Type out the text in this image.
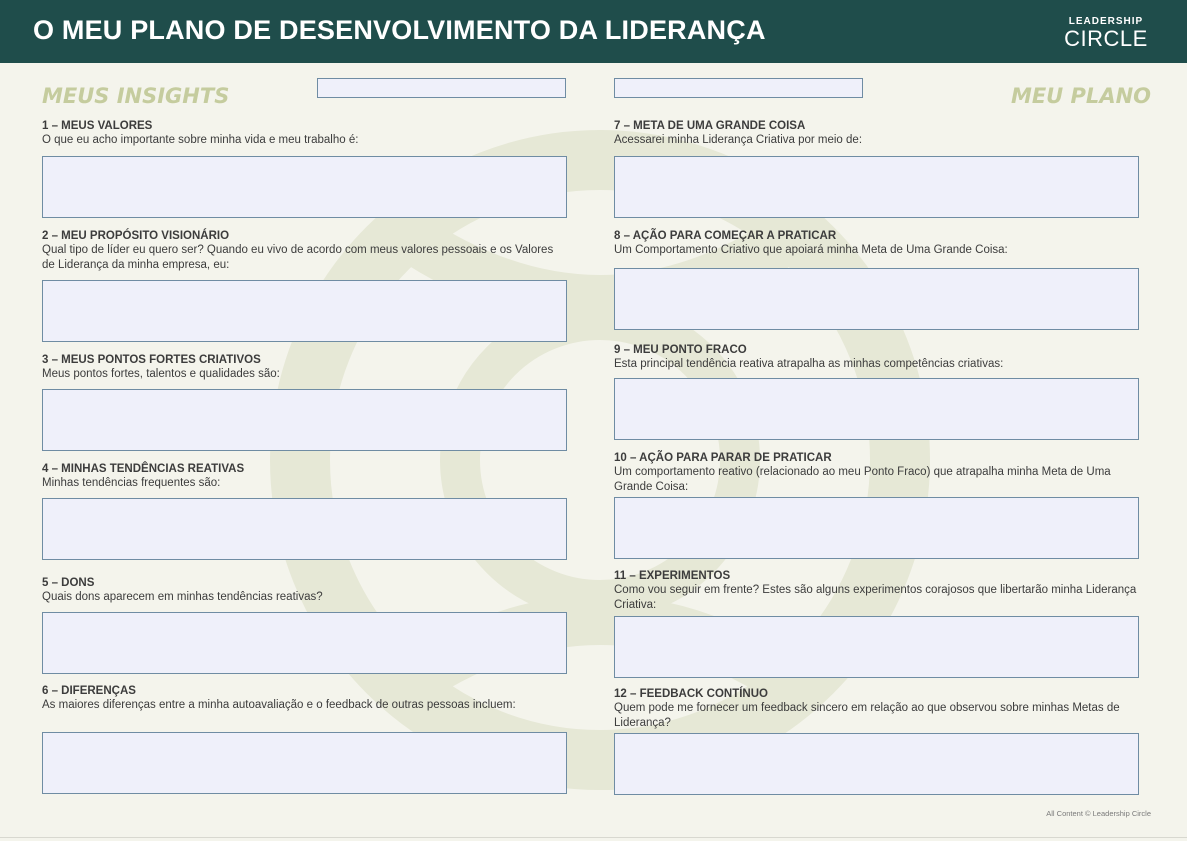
O MEU PLANO DE DESENVOLVIMENTO DA LIDERANÇA	LEADERSHIP
CIRCLE
MEUS INSIGHTS	MEU PLANO
1 – MEUS VALORES
O que eu acho importante sobre minha vida e meu trabalho é:
2 – MEU PROPÓSITO VISIONÁRIO
Qual tipo de líder eu quero ser? Quando eu vivo de acordo com meus valores pessoais e os Valores de Liderança da minha empresa, eu:
3 – MEUS PONTOS FORTES CRIATIVOS
Meus pontos fortes, talentos e qualidades são:
4 – MINHAS TENDÊNCIAS REATIVAS
Minhas tendências frequentes são:
5 – DONS
Quais dons aparecem em minhas tendências reativas?
6 – DIFERENÇAS
As maiores diferenças entre a minha autoavaliação e o feedback de outras pessoas incluem:
7 – META DE UMA GRANDE COISA
Acessarei minha Liderança Criativa por meio de:
8 – AÇÃO PARA COMEÇAR A PRATICAR
Um Comportamento Criativo que apoiará minha Meta de Uma Grande Coisa:
9 – MEU PONTO FRACO
Esta principal tendência reativa atrapalha as minhas competências criativas:
10 – AÇÃO PARA PARAR DE PRATICAR
Um comportamento reativo (relacionado ao meu Ponto Fraco) que atrapalha minha Meta de Uma Grande Coisa:
11 – EXPERIMENTOS
Como vou seguir em frente? Estes são alguns experimentos corajosos que libertarão minha Liderança Criativa:
12 – FEEDBACK CONTÍNUO
Quem pode me fornecer um feedback sincero em relação ao que observou sobre minhas Metas de Liderança?
All Content © Leadership Circle
